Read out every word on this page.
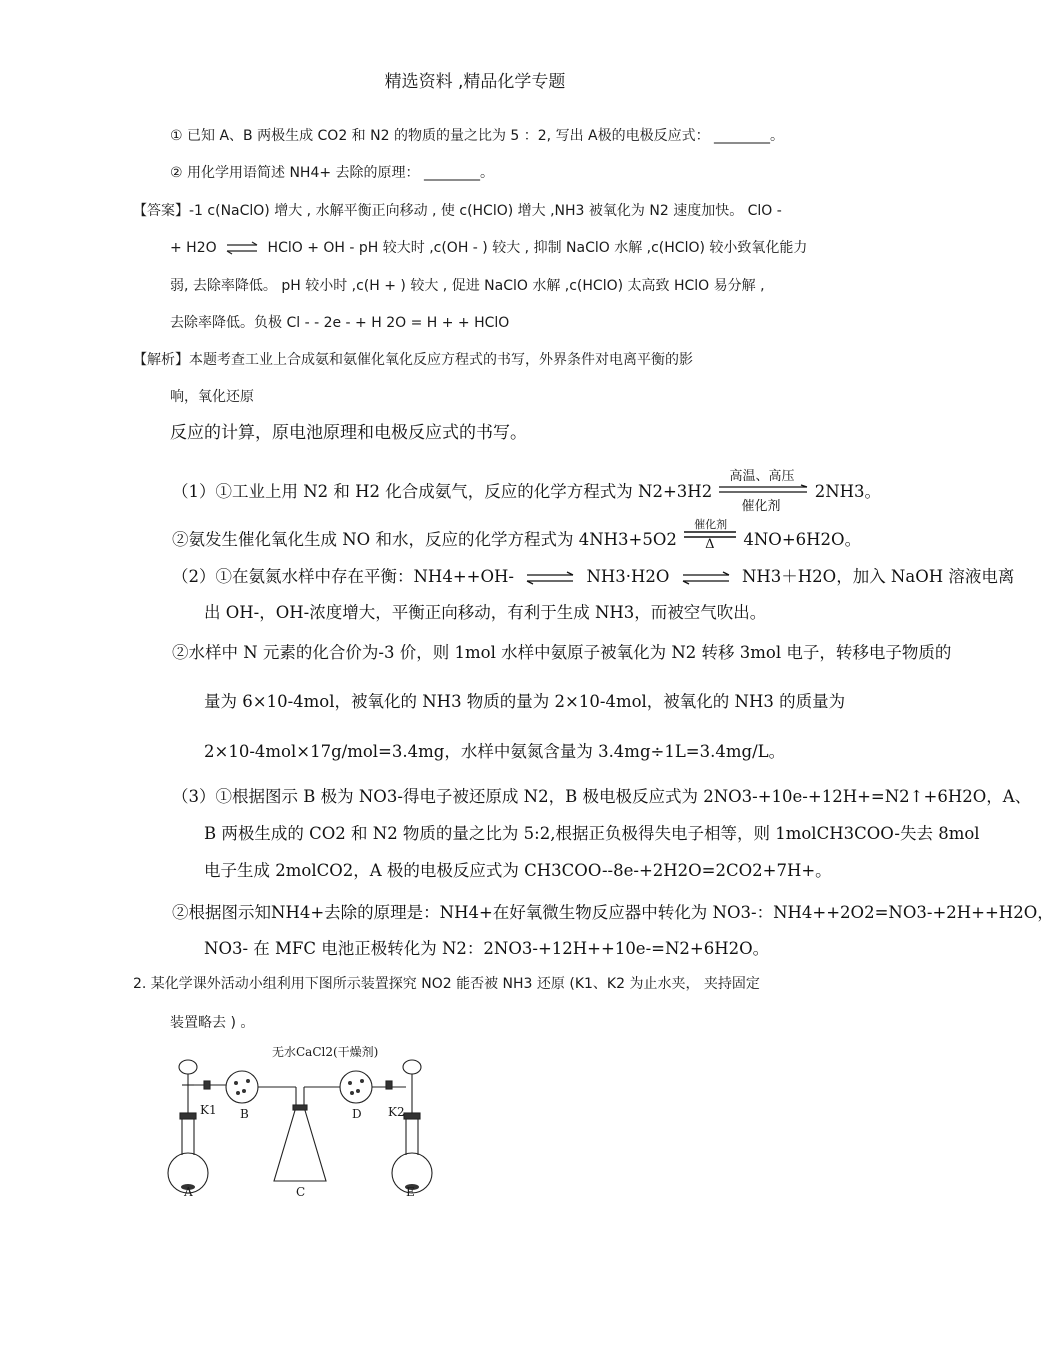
精选资料 ,精品化学专题
① 已知 A、B 两极生成 CO2 和 N2 的物质的量之比为 5 ：2, 写出 A极的电极反应式： ________。
② 用化学用语简述 NH4+ 去除的原理： ________。
【答案】-1 c(NaClO) 增大 , 水解平衡正向移动 , 使 c(HClO) 增大 ,NH3 被氧化为 N2 速度加快。 ClO -
+ H2O ⇌ HClO + OH - pH 较大时 ,c(OH - ) 较大 , 抑制 NaClO 水解 ,c(HClO) 较小致氧化能力
弱, 去除率降低。 pH 较小时 ,c(H + ) 较大 , 促进 NaClO 水解 ,c(HClO) 太高致 HClO 易分解 ,
去除率降低。负极 Cl - - 2e - + H 2O = H + + HClO
【解析】本题考查工业上合成氨和氨催化氧化反应方程式的书写，外界条件对电离平衡的影
响，氧化还原
反应的计算，原电池原理和电极反应式的书写。
（1）①工业上用 N2 和 H2 化合成氨气，反应的化学方程式为 N2+3H2
高温、高压
催化剂
2NH3。
②氨发生催化氧化生成 NO 和水，反应的化学方程式为 4NH3+5O2
催化剂
Δ 4NO+6H2O。
（2）①在氨氮水样中存在平衡：NH4++OH- ⇌ NH3·H2O ⇌ NH3＋H2O，加入 NaOH 溶液电离
出 OH-，OH-浓度增大，平衡正向移动，有利于生成 NH3，而被空气吹出。
②水样中 N 元素的化合价为-3 价，则 1mol 水样中氨原子被氧化为 N2 转移 3mol 电子，转移电子物质的
量为 6×10-4mol，被氧化的 NH3 物质的量为 2×10-4mol，被氧化的 NH3 的质量为
2×10-4mol×17g/mol=3.4mg，水样中氨氮含量为 3.4mg÷1L=3.4mg/L。
（3）①根据图示 B 极为 NO3-得电子被还原成 N2，B 极电极反应式为 2NO3-+10e-+12H+=N2↑+6H2O，A、
B 两极生成的 CO2 和 N2 物质的量之比为 5:2,根据正负极得失电子相等，则 1molCH3COO-失去 8mol
电子生成 2molCO2，A 极的电极反应式为 CH3COO--8e-+2H2O=2CO2+7H+。
②根据图示知NH4+去除的原理是：NH4+在好氧微生物反应器中转化为 NO3-：NH4++2O2=NO3-+2H++H2O，
NO3- 在 MFC 电池正极转化为 N2：2NO3-+12H++10e-=N2+6H2O。
2. 某化学课外活动小组利用下图所示装置探究 NO2 能否被 NH3 还原 (K1、K2 为止水夹， 夹持固定
装置略去 ) 。
无水CaCl2(干燥剂)
K1	K2
B	D
A	C	E
